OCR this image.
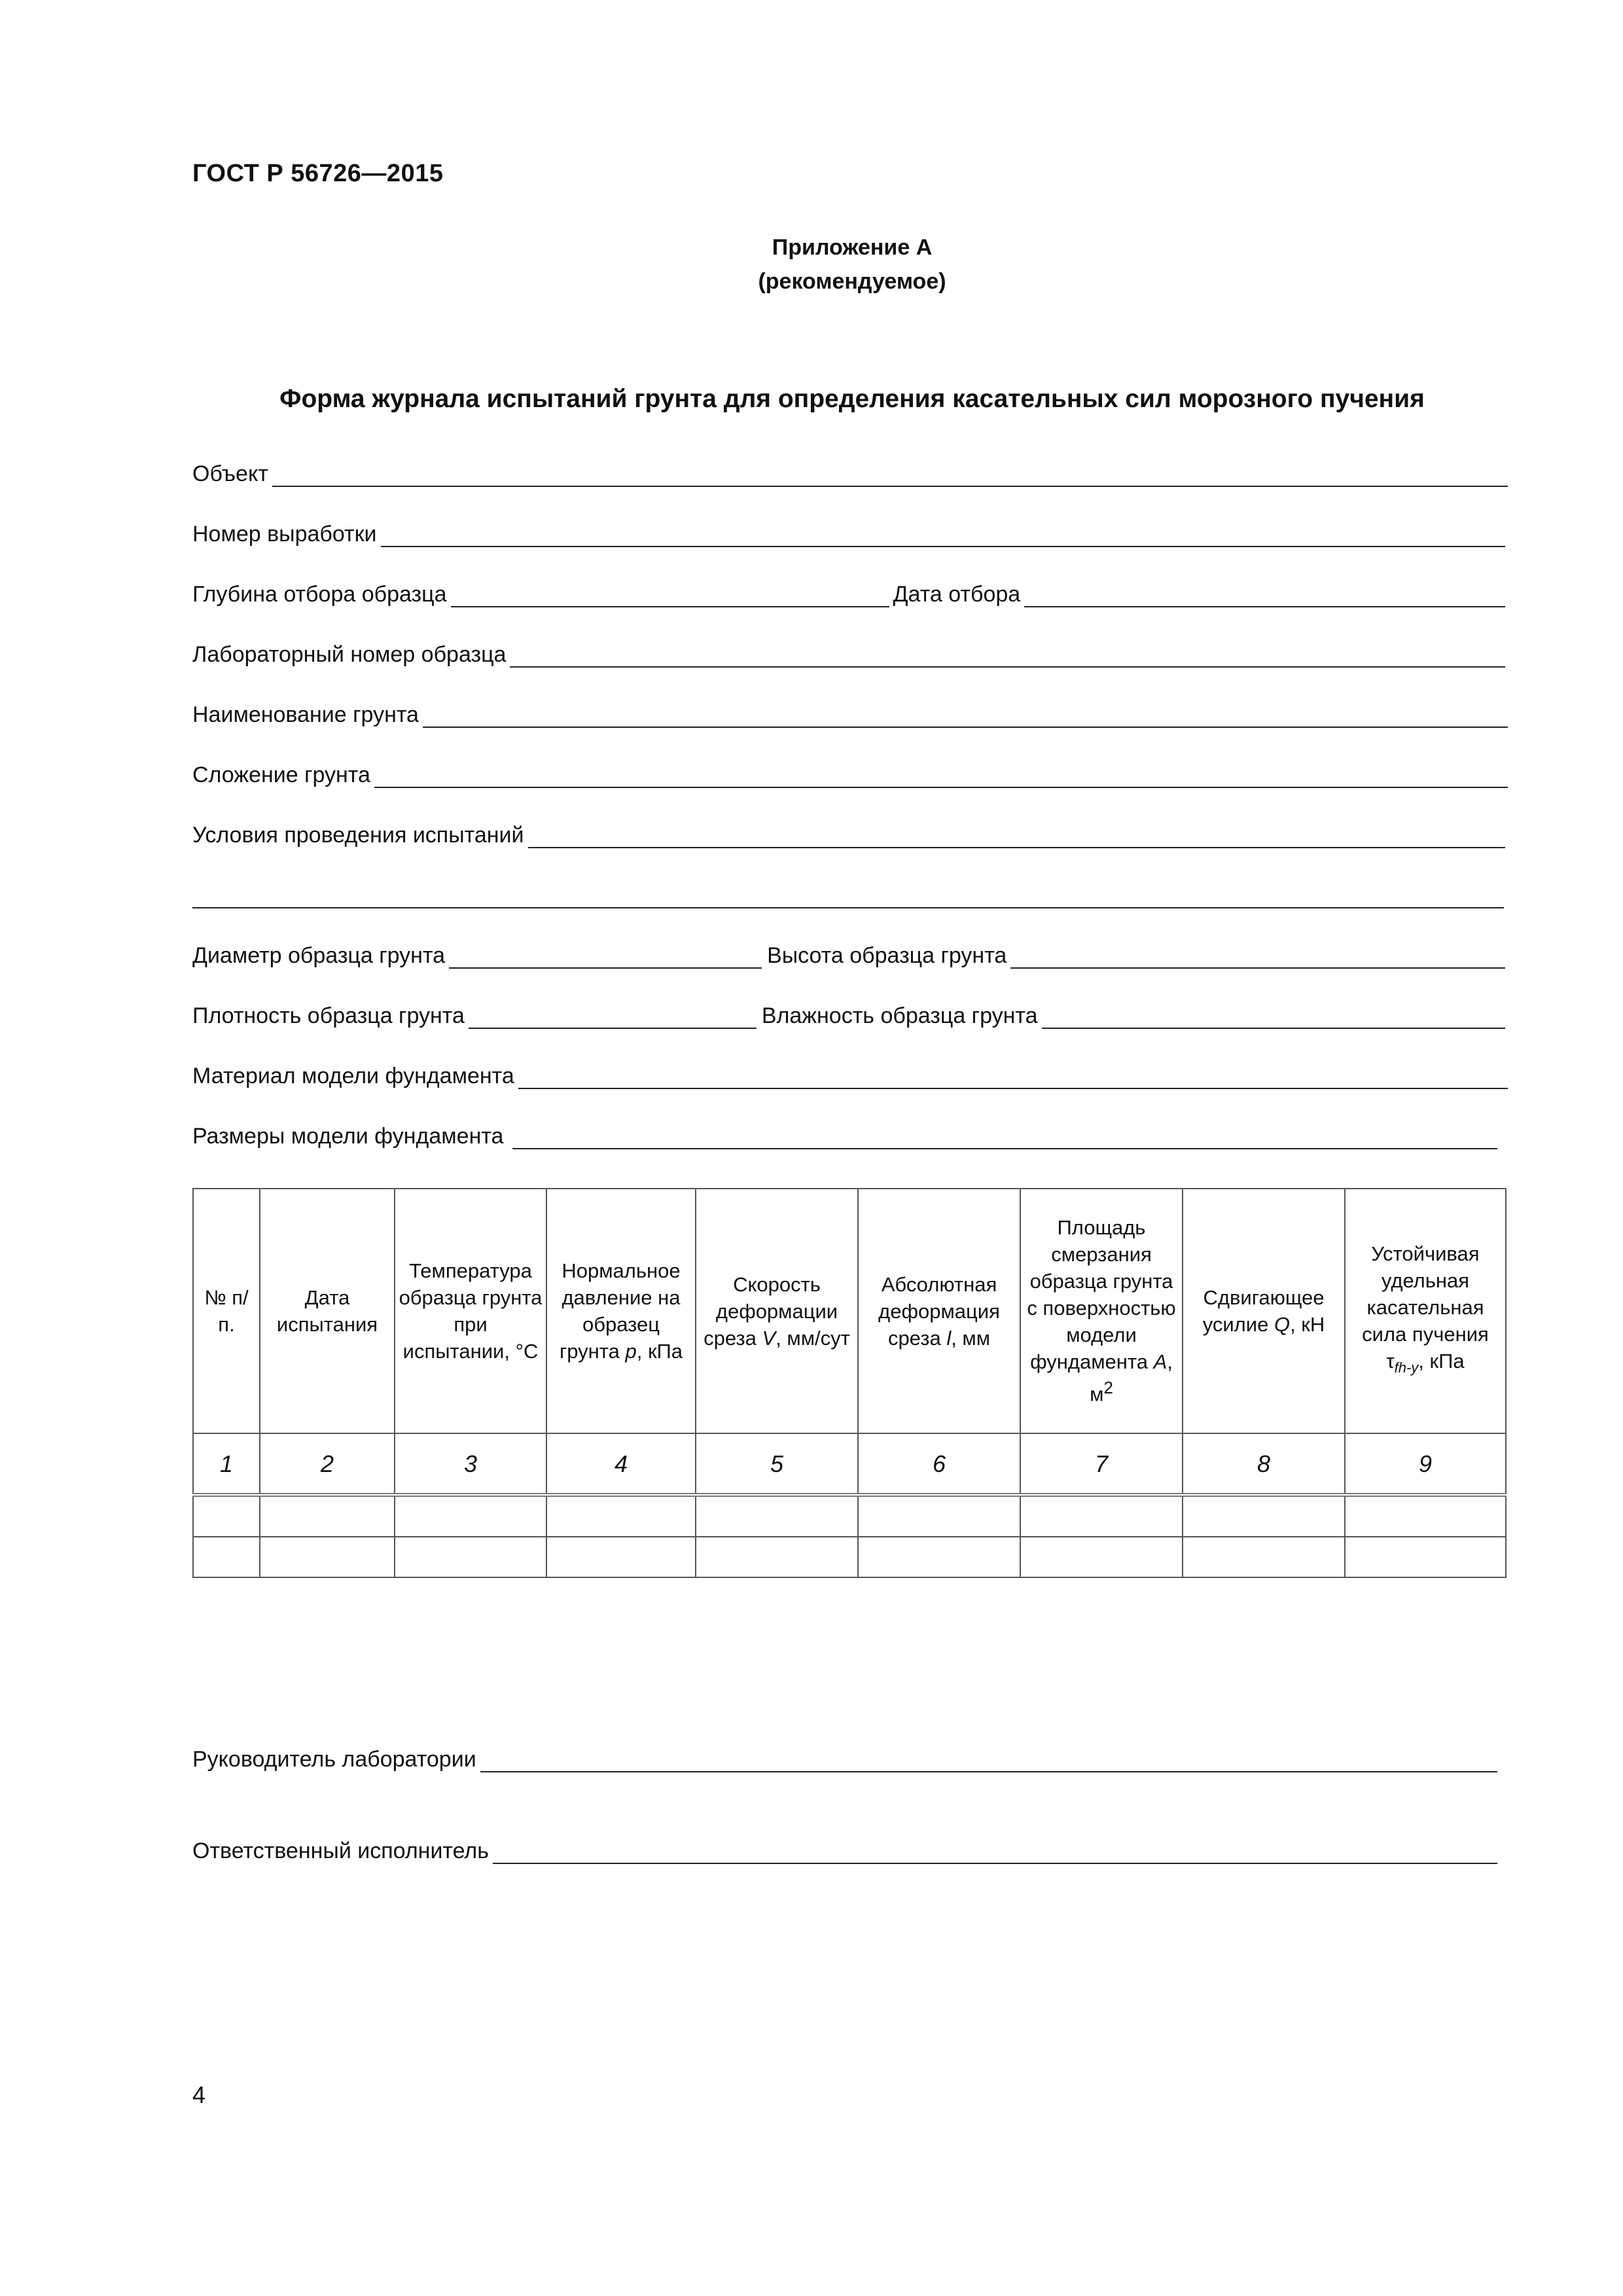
ГОСТ Р 56726—2015
Приложение А
(рекомендуемое)
Форма журнала испытаний грунта для определения касательных сил морозного пучения
Объект
Номер выработки
Глубина отбора образца	Дата отбора
Лабораторный номер образца
Наименование грунта
Сложение грунта
Условия проведения испытаний
Диаметр образца грунта	Высота образца грунта
Плотность образца грунта	Влажность образца грунта
Материал модели фундамента
Размеры модели фундамента
№ п/п.	Дата испытания	Температура образца грунта при испытании, °С	Нормальное давление на образец грунта р, кПа	Скорость деформации среза V, мм/сут	Абсолютная деформация среза l, мм	Площадь смерзания образца грунта с поверхностью модели фундамента А, $м^2$	Сдвигающее усилие Q, кН	Устойчивая удельная касательная сила пучения $\tau_{fh-y}$, кПа
1	2	3	4	5	6	7	8	9

Руководитель лаборатории
Ответственный исполнитель
4
